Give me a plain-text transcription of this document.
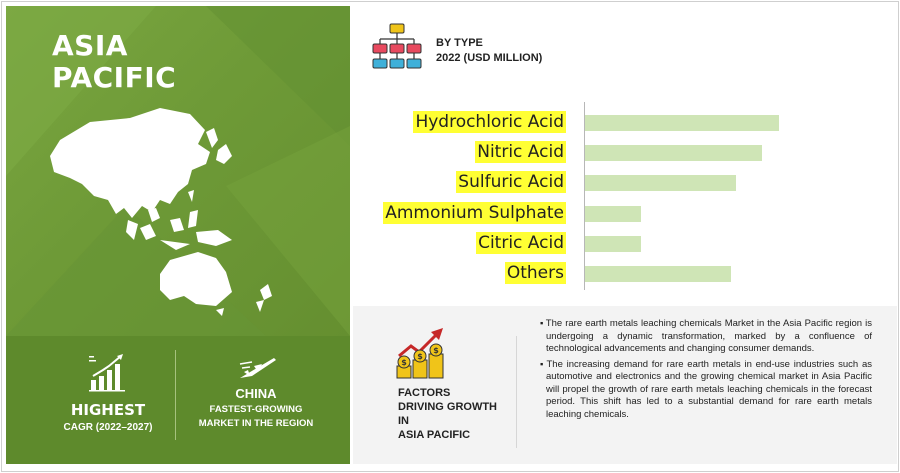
ASIA
PACIFIC
HIGHEST
CAGR (2022–2027)
CHINA
FASTEST-GROWING
MARKET IN THE REGION
BY TYPE
2022 (USD MILLION)
Hydrochloric Acid
Nitric Acid
Sulfuric Acid
Ammonium Sulphate
Citric Acid
Others
$
$
$
FACTORS
DRIVING GROWTH
IN
ASIA PACIFIC
▪ The rare earth metals leaching chemicals Market in the Asia Pacific region is undergoing a dynamic transformation, marked by a confluence of technological advancements and changing consumer demands.
▪ The increasing demand for rare earth metals in end-use industries such as automotive and electronics and the growing chemical market in Asia Pacific will propel the growth of rare earth metals leaching chemicals in the forecast period. This shift has led to a substantial demand for rare earth metals leaching chemicals.
